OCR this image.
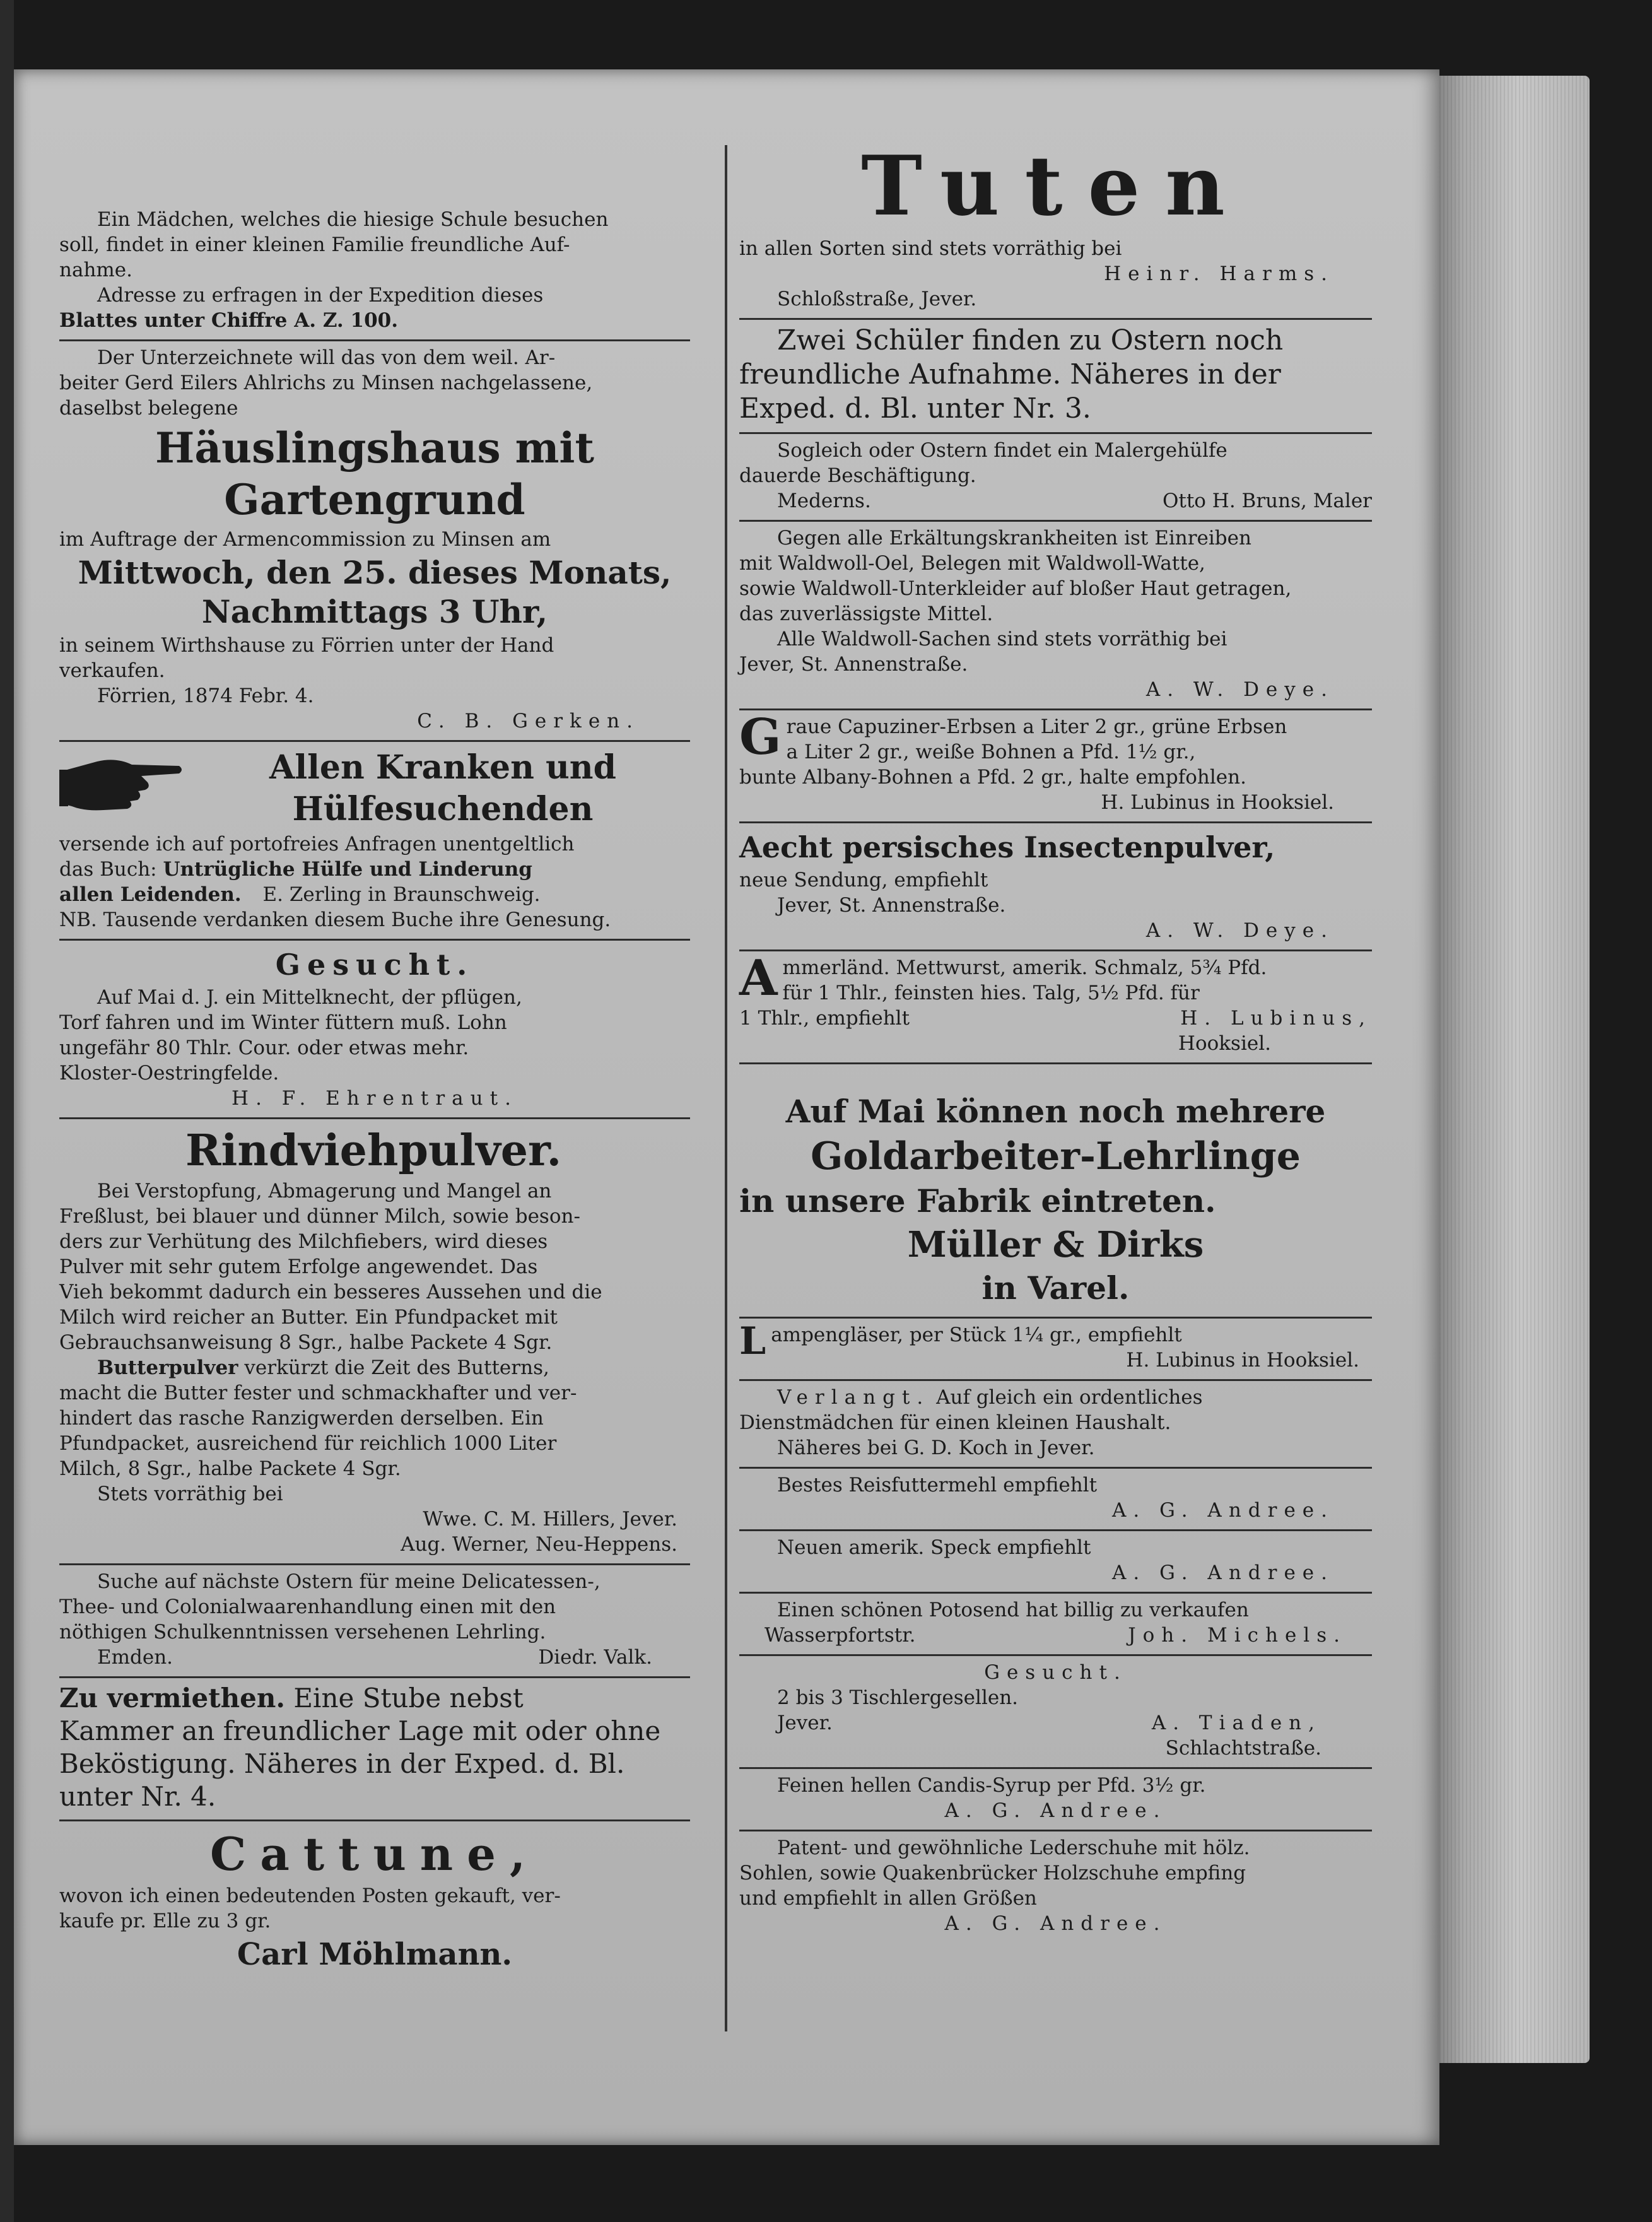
Ein Mädchen, welches die hiesige Schule besuchen

soll, findet in einer kleinen Familie freundliche Auf-

nahme.

Adresse zu erfragen in der Expedition dieses

Blattes unter Chiffre A. Z. 100.

Der Unterzeichnete will das von dem weil. Ar-

beiter Gerd Eilers Ahlrichs zu Minsen nachgelassene,

daselbst belegene

Häuslingshaus mit

Gartengrund

im Auftrage der Armencommission zu Minsen am

Mittwoch, den 25. dieses Monats,

Nachmittags 3 Uhr,

in seinem Wirthshause zu Förrien unter der Hand

verkaufen.

Förrien, 1874 Febr. 4.

C. B. Gerken.

Allen Kranken und

Hülfesuchenden

versende ich auf portofreies Anfragen unentgeltlich

das Buch: Untrügliche Hülfe und Linderung

allen Leidenden. E. Zerling in Braunschweig.

NB. Tausende verdanken diesem Buche ihre Genesung.

Gesucht.

Auf Mai d. J. ein Mittelknecht, der pflügen,

Torf fahren und im Winter füttern muß. Lohn

ungefähr 80 Thlr. Cour. oder etwas mehr.

Kloster-Oestringfelde.

H. F. Ehrentraut.

Rindviehpulver.

Bei Verstopfung, Abmagerung und Mangel an

Freßlust, bei blauer und dünner Milch, sowie beson-

ders zur Verhütung des Milchfiebers, wird dieses

Pulver mit sehr gutem Erfolge angewendet. Das

Vieh bekommt dadurch ein besseres Aussehen und die

Milch wird reicher an Butter. Ein Pfundpacket mit

Gebrauchsanweisung 8 Sgr., halbe Packete 4 Sgr.

Butterpulver verkürzt die Zeit des Butterns,

macht die Butter fester und schmackhafter und ver-

hindert das rasche Ranzigwerden derselben. Ein

Pfundpacket, ausreichend für reichlich 1000 Liter

Milch, 8 Sgr., halbe Packete 4 Sgr.

Stets vorräthig bei

Wwe. C. M. Hillers, Jever.

Aug. Werner, Neu-Heppens.

Suche auf nächste Ostern für meine Delicatessen-,

Thee- und Colonialwaarenhandlung einen mit den

nöthigen Schulkenntnissen versehenen Lehrling.

Emden.	Diedr. Valk.

Zu vermiethen. Eine Stube nebst

Kammer an freundlicher Lage mit oder ohne

Beköstigung. Näheres in der Exped. d. Bl.

unter Nr. 4.

Cattune,

wovon ich einen bedeutenden Posten gekauft, ver-

kaufe pr. Elle zu 3 gr.

Carl Möhlmann.

Tuten

in allen Sorten sind stets vorräthig bei

Heinr. Harms.

Schloßstraße, Jever.

Zwei Schüler finden zu Ostern noch

freundliche Aufnahme. Näheres in der

Exped. d. Bl. unter Nr. 3.

Sogleich oder Ostern findet ein Malergehülfe

dauerde Beschäftigung.

Mederns.	Otto H. Bruns, Maler

Gegen alle Erkältungskrankheiten ist Einreiben

mit Waldwoll-Oel, Belegen mit Waldwoll-Watte,

sowie Waldwoll-Unterkleider auf bloßer Haut getragen,

das zuverlässigste Mittel.

Alle Waldwoll-Sachen sind stets vorräthig bei

Jever, St. Annenstraße.

A. W. Deye.

G raue Capuziner-Erbsen a Liter 2 gr., grüne Erbsen

a Liter 2 gr., weiße Bohnen a Pfd. 1½ gr.,

bunte Albany-Bohnen a Pfd. 2 gr., halte empfohlen.

H. Lubinus in Hooksiel.

Aecht persisches Insectenpulver,

neue Sendung, empfiehlt

Jever, St. Annenstraße.

A. W. Deye.

A mmerländ. Mettwurst, amerik. Schmalz, 5¾ Pfd.

für 1 Thlr., feinsten hies. Talg, 5½ Pfd. für

1 Thlr., empfiehlt	H. Lubinus,

Hooksiel.

Auf Mai können noch mehrere

Goldarbeiter-Lehrlinge

in unsere Fabrik eintreten.

Müller & Dirks

in Varel.

L ampengläser, per Stück 1¼ gr., empfiehlt

H. Lubinus in Hooksiel.

Verlangt. Auf gleich ein ordentliches

Dienstmädchen für einen kleinen Haushalt.

Näheres bei G. D. Koch in Jever.

Bestes Reisfuttermehl empfiehlt

A. G. Andree.

Neuen amerik. Speck empfiehlt

A. G. Andree.

Einen schönen Potosend hat billig zu verkaufen

Wasserpfortstr.	Joh. Michels.

Gesucht.

2 bis 3 Tischlergesellen.

Jever.	A. Tiaden,

Schlachtstraße.

Feinen hellen Candis-Syrup per Pfd. 3½ gr.

A. G. Andree.

Patent- und gewöhnliche Lederschuhe mit hölz.

Sohlen, sowie Quakenbrücker Holzschuhe empfing

und empfiehlt in allen Größen

A. G. Andree.
